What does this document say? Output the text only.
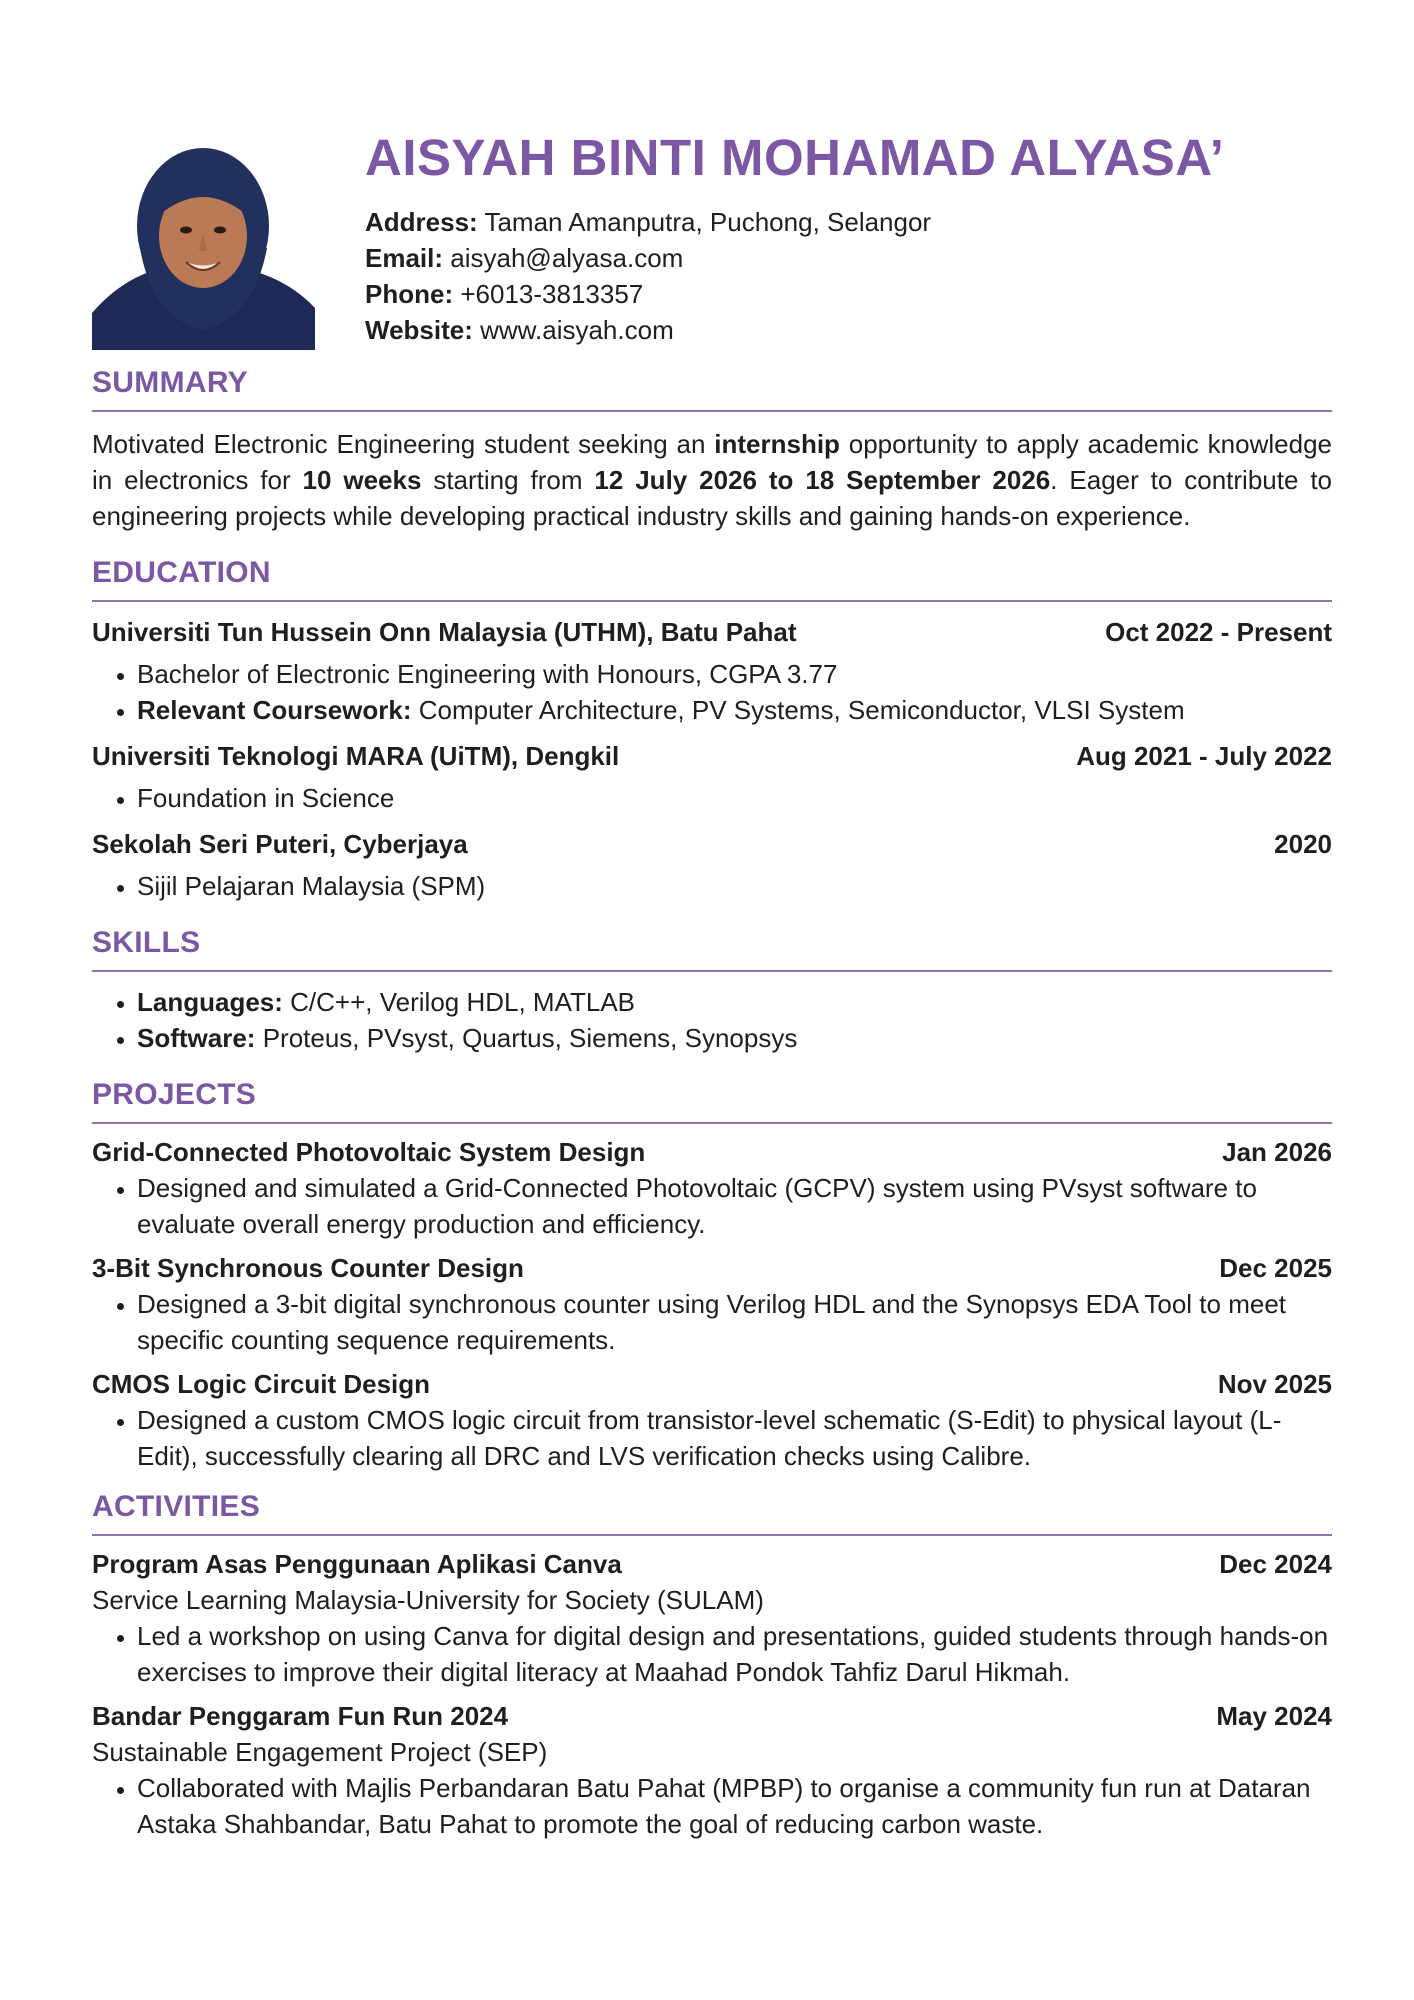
AISYAH BINTI MOHAMAD ALYASA’
Address: Taman Amanputra, Puchong, Selangor
Email: aisyah@alyasa.com
Phone: +6013-3813357
Website: www.aisyah.com
SUMMARY

Motivated Electronic Engineering student seeking an internship opportunity to apply academic knowledge in electronics for 10 weeks starting from 12 July 2026 to 18 September 2026. Eager to contribute to engineering projects while developing practical industry skills and gaining hands-on experience.

EDUCATION
Universiti Tun Hussein Onn Malaysia (UTHM), Batu Pahat	Oct 2022 - Present
• Bachelor of Electronic Engineering with Honours, CGPA 3.77
• Relevant Coursework: Computer Architecture, PV Systems, Semiconductor, VLSI System
Universiti Teknologi MARA (UiTM), Dengkil	Aug 2021 - July 2022
• Foundation in Science
Sekolah Seri Puteri, Cyberjaya	2020
• Sijil Pelajaran Malaysia (SPM)
SKILLS
• Languages: C/C++, Verilog HDL, MATLAB
• Software: Proteus, PVsyst, Quartus, Siemens, Synopsys
PROJECTS
Grid-Connected Photovoltaic System Design	Jan 2026
• Designed and simulated a Grid-Connected Photovoltaic (GCPV) system using PVsyst software to evaluate overall energy production and efficiency.
3-Bit Synchronous Counter Design	Dec 2025
• Designed a 3-bit digital synchronous counter using Verilog HDL and the Synopsys EDA Tool to meet specific counting sequence requirements.
CMOS Logic Circuit Design	Nov 2025
• Designed a custom CMOS logic circuit from transistor-level schematic (S-Edit) to physical layout (L-Edit), successfully clearing all DRC and LVS verification checks using Calibre.
ACTIVITIES
Program Asas Penggunaan Aplikasi Canva	Dec 2024
Service Learning Malaysia-University for Society (SULAM)
• Led a workshop on using Canva for digital design and presentations, guided students through hands-on exercises to improve their digital literacy at Maahad Pondok Tahfiz Darul Hikmah.
Bandar Penggaram Fun Run 2024	May 2024
Sustainable Engagement Project (SEP)
• Collaborated with Majlis Perbandaran Batu Pahat (MPBP) to organise a community fun run at Dataran Astaka Shahbandar, Batu Pahat to promote the goal of reducing carbon waste.
